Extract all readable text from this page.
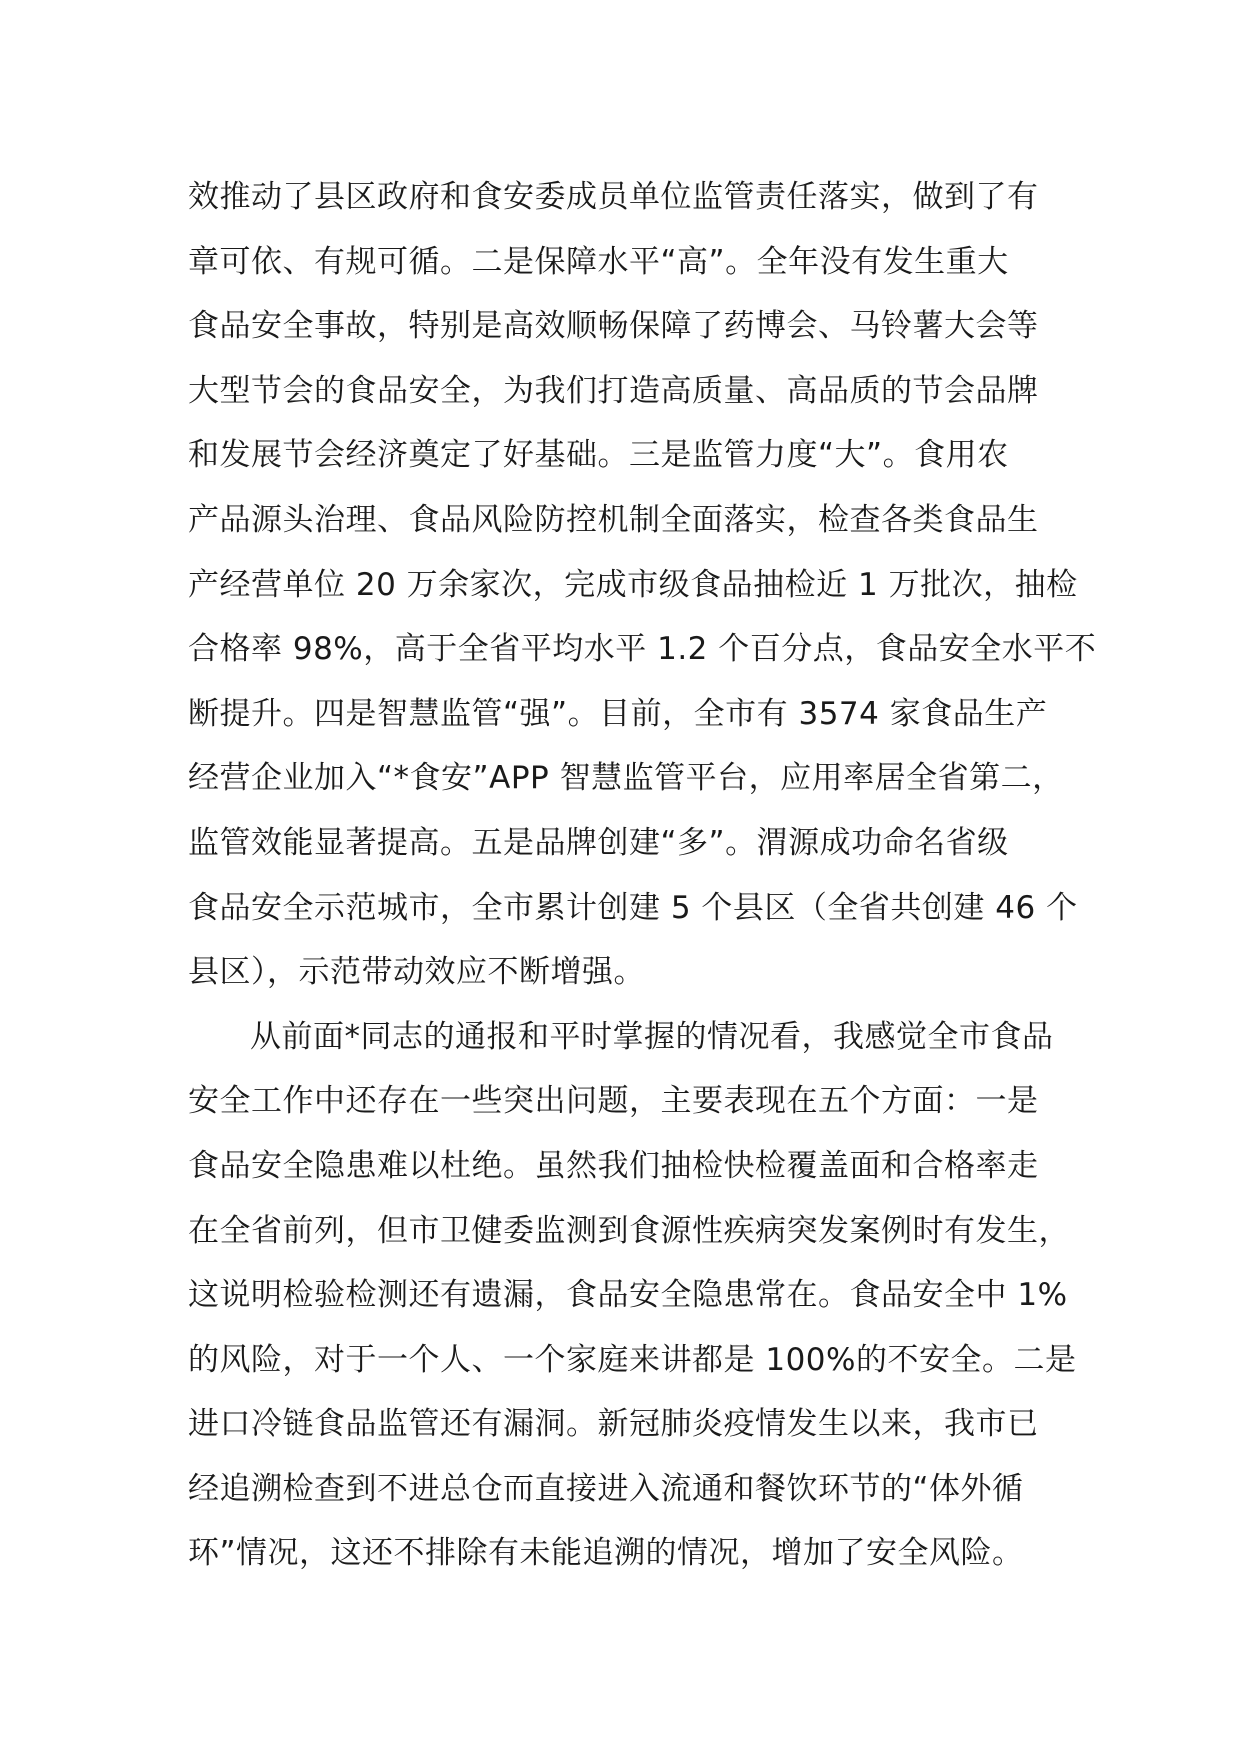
效推动了县区政府和食安委成员单位监管责任落实，做到了有
章可依、有规可循。二是保障水平“高”。全年没有发生重大
食品安全事故，特别是高效顺畅保障了药博会、马铃薯大会等
大型节会的食品安全，为我们打造高质量、高品质的节会品牌
和发展节会经济奠定了好基础。三是监管力度“大”。食用农
产品源头治理、食品风险防控机制全面落实，检查各类食品生
产经营单位 20 万余家次，完成市级食品抽检近 1 万批次，抽检
合格率 98%，高于全省平均水平 1.2 个百分点，食品安全水平不
断提升。四是智慧监管“强”。目前，全市有 3574 家食品生产
经营企业加入“*食安”APP 智慧监管平台，应用率居全省第二，
监管效能显著提高。五是品牌创建“多”。渭源成功命名省级
食品安全示范城市，全市累计创建 5 个县区（全省共创建 46 个
县区），示范带动效应不断增强。
从前面*同志的通报和平时掌握的情况看，我感觉全市食品
安全工作中还存在一些突出问题，主要表现在五个方面：一是
食品安全隐患难以杜绝。虽然我们抽检快检覆盖面和合格率走
在全省前列，但市卫健委监测到食源性疾病突发案例时有发生，
这说明检验检测还有遗漏，食品安全隐患常在。食品安全中 1%
的风险，对于一个人、一个家庭来讲都是 100%的不安全。二是
进口冷链食品监管还有漏洞。新冠肺炎疫情发生以来，我市已
经追溯检查到不进总仓而直接进入流通和餐饮环节的“体外循
环”情况，这还不排除有未能追溯的情况，增加了安全风险。
